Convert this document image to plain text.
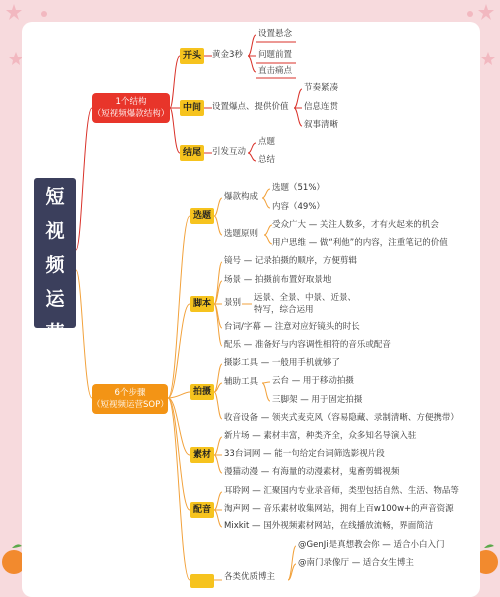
短
视
频
运
营
1个结构
（短视频爆款结构）
开头	黄金3秒
设置悬念
问题前置
直击痛点
中间	设置爆点、提供价值
节奏紧凑
信息连贯
叙事清晰
结尾	引发互动
点题
总结
6个步骤
（短视频运营SOP）
选题
爆款构成
选题（51%）
内容（49%）
选题原则
受众广大 — 关注人数多，才有火起来的机会
用户思维 — 做“利他”的内容，注重笔记的价值
脚本
镜号 — 记录拍摄的顺序，方便剪辑
场景 — 拍摄前布置好取景地
景别 远景、全景、中景、近景、
特写，综合运用
台词/字幕 — 注意对应好镜头的时长
配乐 — 准备好与内容调性相符的音乐或配音
拍摄
摄影工具 — 一般用手机就够了
辅助工具 云台 — 用于移动拍摄
三脚架 — 用于固定拍摄
收音设备 — 领夹式麦克风（容易隐藏、录制清晰、方便携带）
素材
新片场 — 素材丰富，种类齐全，众多知名导演入驻
33台词网 — 能一句给定台词筛选影视片段
漫猫动漫 — 有海量的动漫素材，鬼畜剪辑视频
配音
耳聆网 — 汇聚国内专业录音师，类型包括自然、生活、物品等
淘声网 — 音乐素材收集网站，拥有上百w100w+的声音资源
Mixkit — 国外视频素材网站，在线播放流畅，界面简洁
各类优质博主
@GenJi是真想教会你 — 适合小白入门
@南门录像厅 — 适合女生博主
